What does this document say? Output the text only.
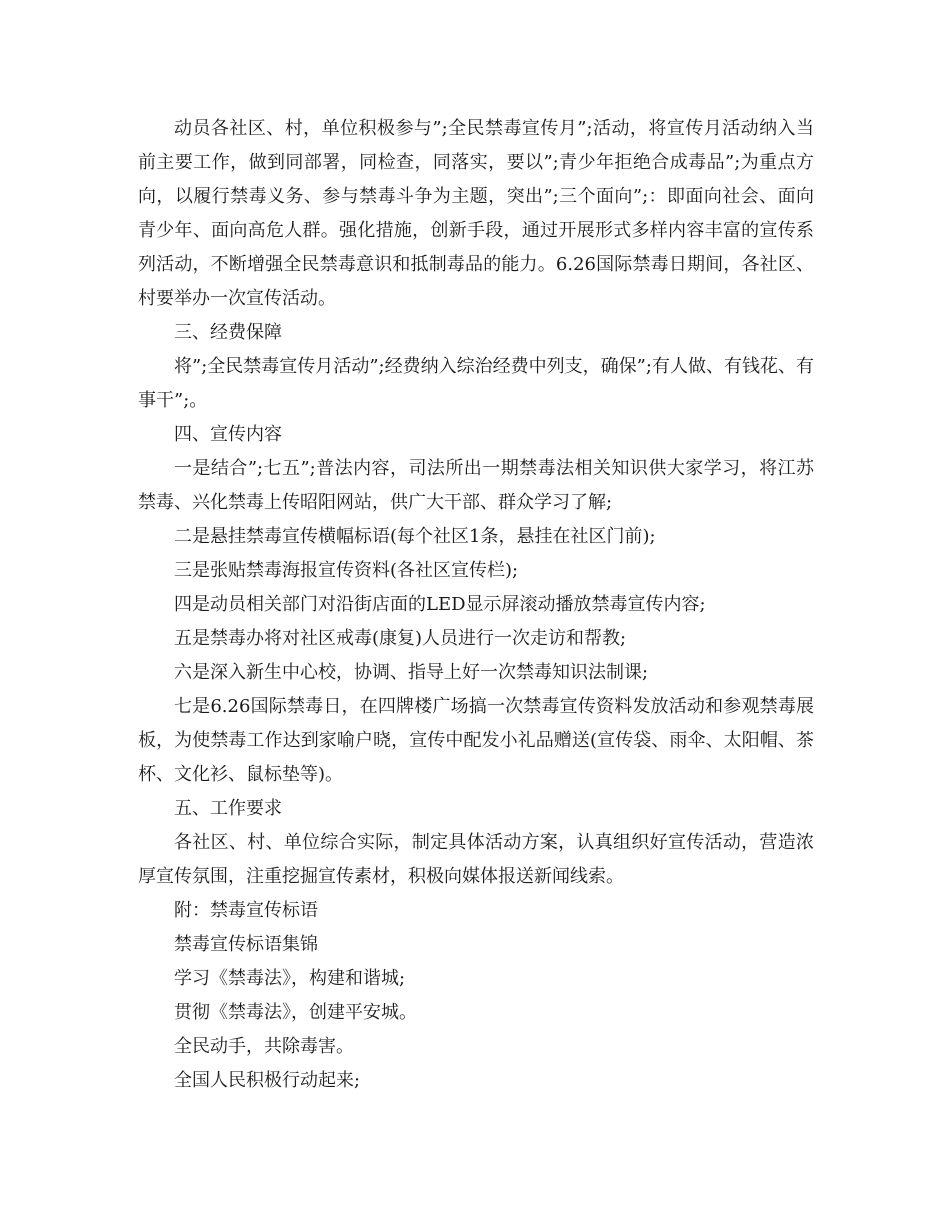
动员各社区、村，单位积极参与”;全民禁毒宣传月”;活动，将宣传月活动纳入当前主要工作，做到同部署，同检查，同落实，要以”;青少年拒绝合成毒品”;为重点方向，以履行禁毒义务、参与禁毒斗争为主题，突出”;三个面向”;：即面向社会、面向青少年、面向高危人群。强化措施，创新手段，通过开展形式多样内容丰富的宣传系列活动，不断增强全民禁毒意识和抵制毒品的能力。6.26国际禁毒日期间，各社区、村要举办一次宣传活动。

三、经费保障

将”;全民禁毒宣传月活动”;经费纳入综治经费中列支，确保”;有人做、有钱花、有事干”;。

四、宣传内容

一是结合”;七五”;普法内容，司法所出一期禁毒法相关知识供大家学习，将江苏禁毒、兴化禁毒上传昭阳网站，供广大干部、群众学习了解;

二是悬挂禁毒宣传横幅标语(每个社区1条，悬挂在社区门前);

三是张贴禁毒海报宣传资料(各社区宣传栏);

四是动员相关部门对沿街店面的LED显示屏滚动播放禁毒宣传内容;

五是禁毒办将对社区戒毒(康复)人员进行一次走访和帮教;

六是深入新生中心校，协调、指导上好一次禁毒知识法制课;

七是6.26国际禁毒日，在四牌楼广场搞一次禁毒宣传资料发放活动和参观禁毒展板，为使禁毒工作达到家喻户晓，宣传中配发小礼品赠送(宣传袋、雨伞、太阳帽、茶杯、文化衫、鼠标垫等)。

五、工作要求

各社区、村、单位综合实际，制定具体活动方案，认真组织好宣传活动，营造浓厚宣传氛围，注重挖掘宣传素材，积极向媒体报送新闻线索。

附：禁毒宣传标语

禁毒宣传标语集锦

学习《禁毒法》，构建和谐城;

贯彻《禁毒法》，创建平安城。

全民动手，共除毒害。

全国人民积极行动起来;
